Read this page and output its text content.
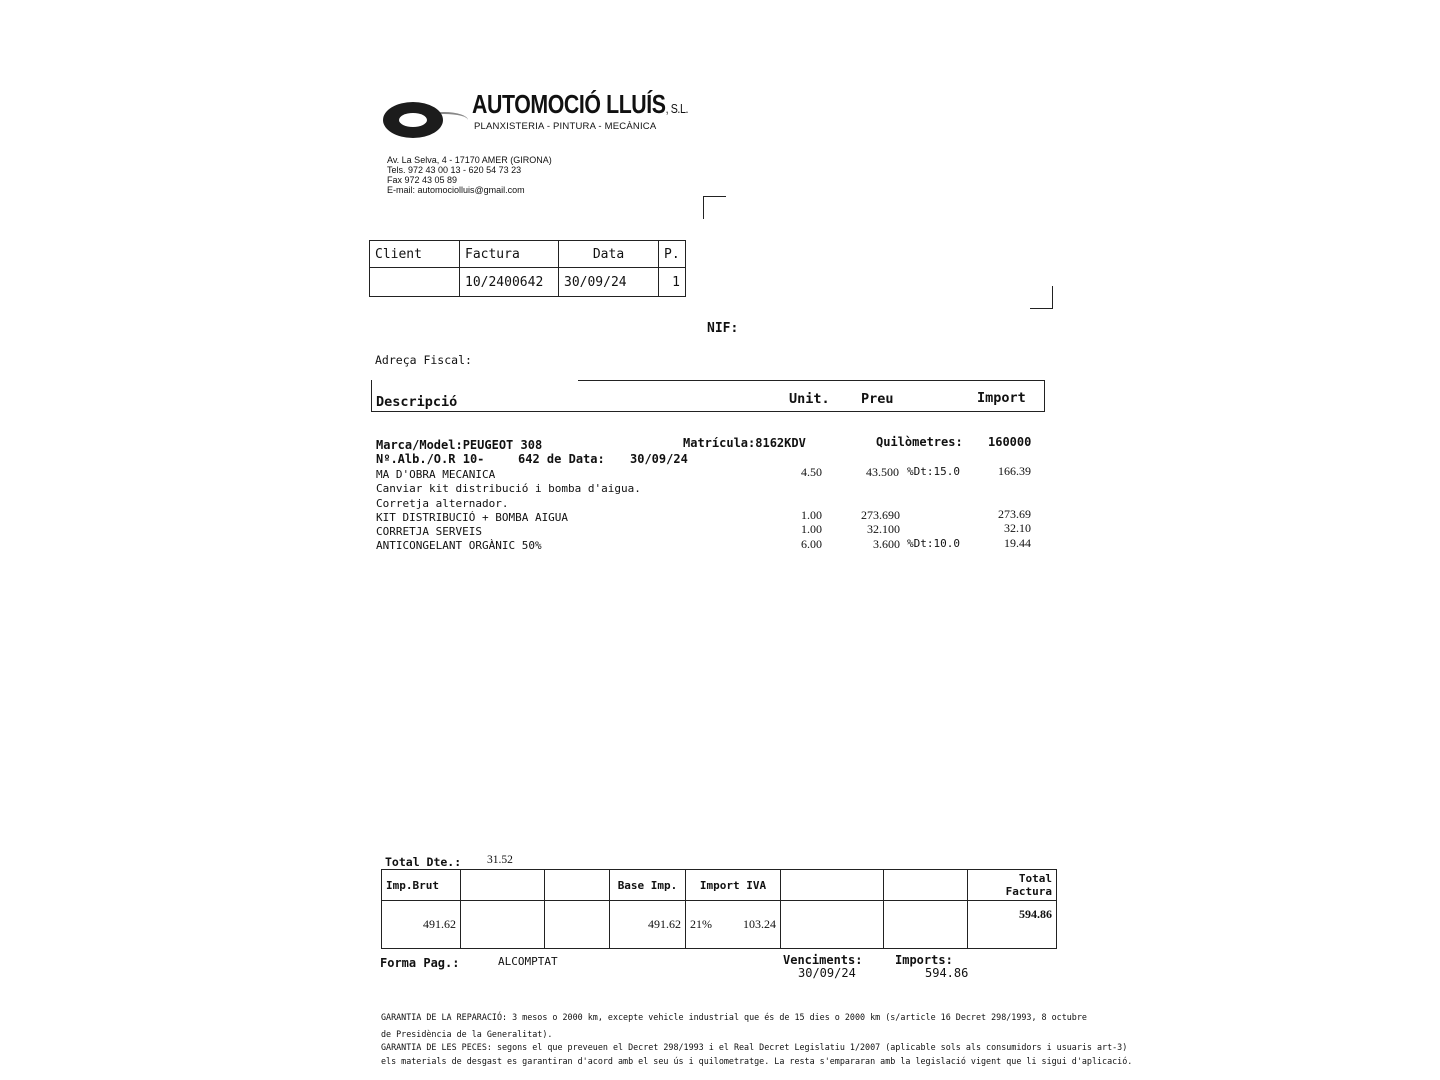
AUTOMOCIÓ LLUÍS, S.L.
PLANXISTERIA - PINTURA - MECÀNICA
Av. La Selva, 4 - 17170 AMER (GIRONA)
Tels. 972 43 00 13 - 620 54 73 23
Fax 972 43 05 89
E-mail: automociolluis@gmail.com
Client	Factura	Data	P.
	10/2400642	30/09/24	1
NIF:
Adreça Fiscal:
Descripció	Unit. Preu	Import
Marca/Model:PEUGEOT 308	Matrícula:8162KDV	Quilòmetres: 160000
Nº.Alb./O.R 10-	642 de Data: 30/09/24
MA D'OBRA MECANICA	4.50	43.500 %Dt:15.0	166.39
Canviar kit distribució i bomba d'aigua.
Corretja alternador.
KIT DISTRIBUCIÓ + BOMBA AIGUA	1.00	273.690	273.69
CORRETJA SERVEIS	1.00	32.100	32.10
ANTICONGELANT ORGÀNIC 50%	6.00	3.600 %Dt:10.0	19.44
Total Dte.: 31.52
Imp.Brut			Base Imp.	Import IVA			Total Factura
491.62			491.62	21% 103.24			594.86
Forma Pag.:	ALCOMPTAT	Venciments:
30/09/24
Imports:
594.86
GARANTIA DE LA REPARACIÓ: 3 mesos o 2000 km, excepte vehicle industrial que és de 15 dies o 2000 km (s/article 16 Decret 298/1993, 8 octubre
de Presidència de la Generalitat).
GARANTIA DE LES PECES: segons el que preveuen el Decret 298/1993 i el Real Decret Legislatiu 1/2007 (aplicable sols als consumidors i usuaris art-3)
els materials de desgast es garantiran d'acord amb el seu ús i quilometratge. La resta s'empararan amb la legislació vigent que li sigui d'aplicació.
